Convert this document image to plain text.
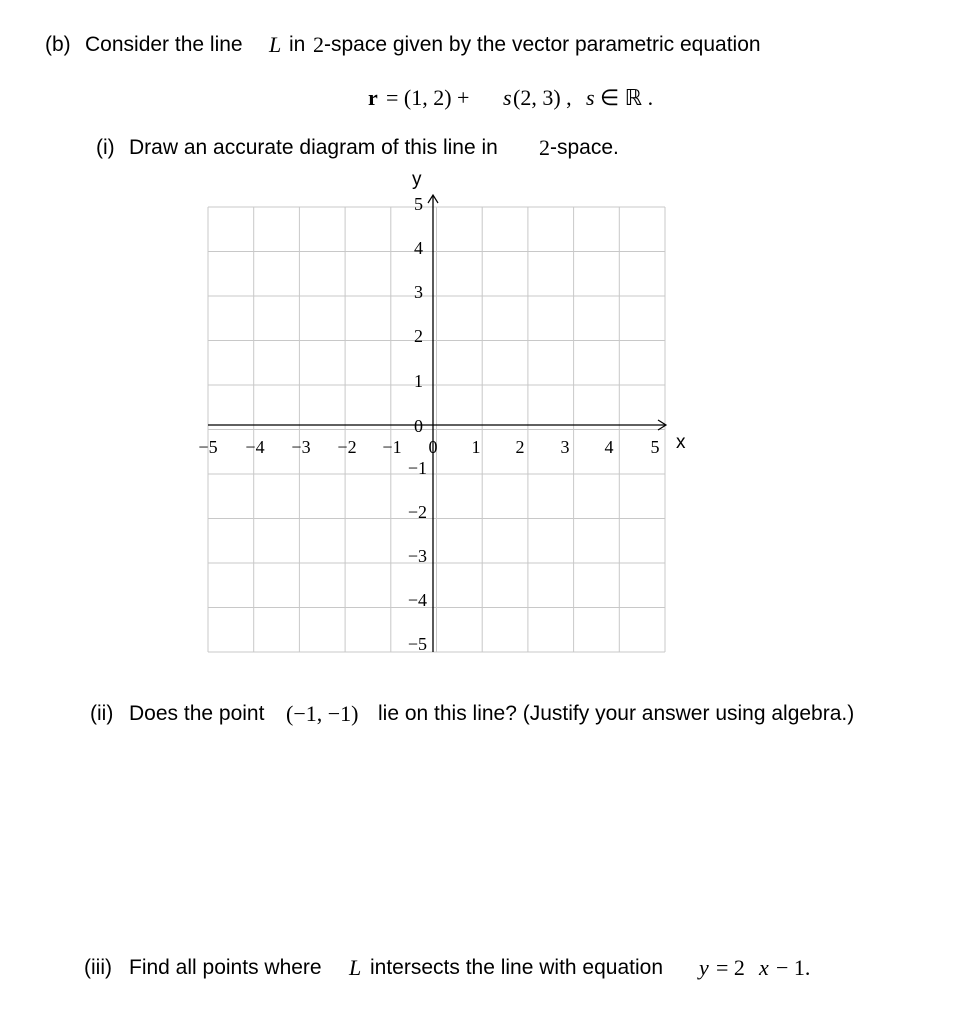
(b) Consider the line L in 2 -space given by the vector parametric equation
r = (1, 2) + s (2, 3) , s ∈ ℝ .
(i) Draw an accurate diagram of this line in 2 -space.
−5 −4 −3 −2 −1 0 1 2 3 4 5
5
4
3
2
1
0
−1
−2
−3
−4
−5
x
y
(ii) Does the point (−1, −1) lie on this line? (Justify your answer using algebra.)
(iii) Find all points where L intersects the line with equation y = 2 x − 1.
